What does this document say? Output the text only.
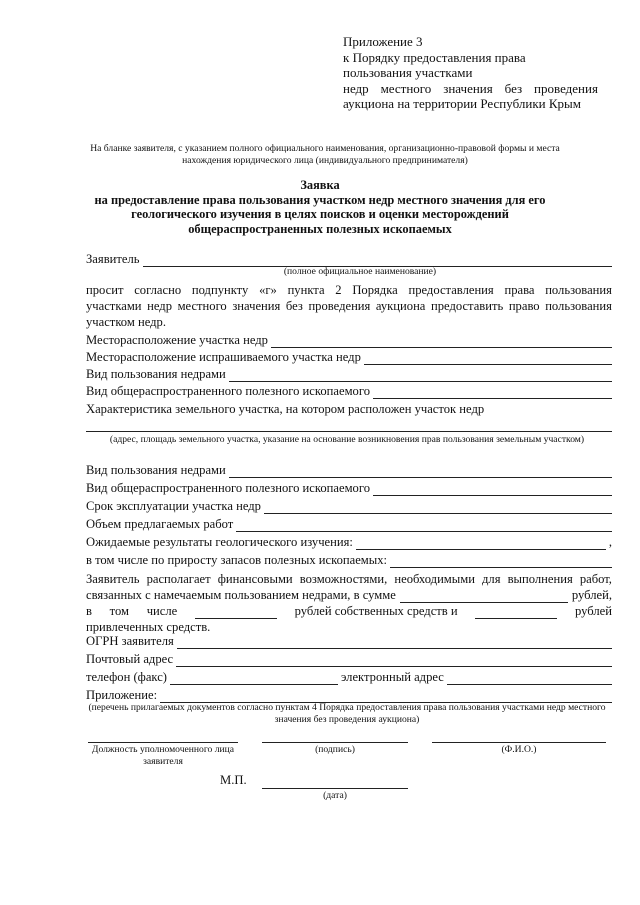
Приложение 3
к Порядку предоставления права
пользования участками
недр местного значения без проведения
аукциона на территории Республики Крым
На бланке заявителя, с указанием полного официального наименования, организационно-правовой формы и места нахождения юридического лица (индивидуального предпринимателя)
Заявка
на предоставление права пользования участком недр местного значения для его геологического изучения в целях поисков и оценки месторождений общераспространенных полезных ископаемых
Заявитель
(полное официальное наименование)
просит согласно подпункту «г» пункта 2 Порядка предоставления права пользования
участками недр местного значения без проведения аукциона предоставить право пользования
участком недр.
Месторасположение участка недр
Месторасположение испрашиваемого участка недр
Вид пользования недрами
Вид общераспространенного полезного ископаемого
Характеристика земельного участка, на котором расположен участок недр
(адрес, площадь земельного участка, указание на основание возникновения прав пользования земельным участком)
Вид пользования недрами
Вид общераспространенного полезного ископаемого
Срок эксплуатации участка недр
Объем предлагаемых работ
Ожидаемые результаты геологического изучения:	,
в том числе по приросту запасов полезных ископаемых:
Заявитель располагает финансовыми возможностями, необходимыми для выполнения работ,
связанных с намечаемым пользованием недрами, в сумме	рублей,
в том числе	рублей собственных средств и	рублей
привлеченных средств.
ОГРН заявителя
Почтовый адрес
телефон (факс)	электронный адрес
Приложение:
(перечень прилагаемых документов согласно пунктам 4 Порядка предоставления права пользования участками недр местного значения без проведения аукциона)
Должность уполномоченного лица заявителя
(подпись)	(Ф.И.О.)
М.П.
(дата)
